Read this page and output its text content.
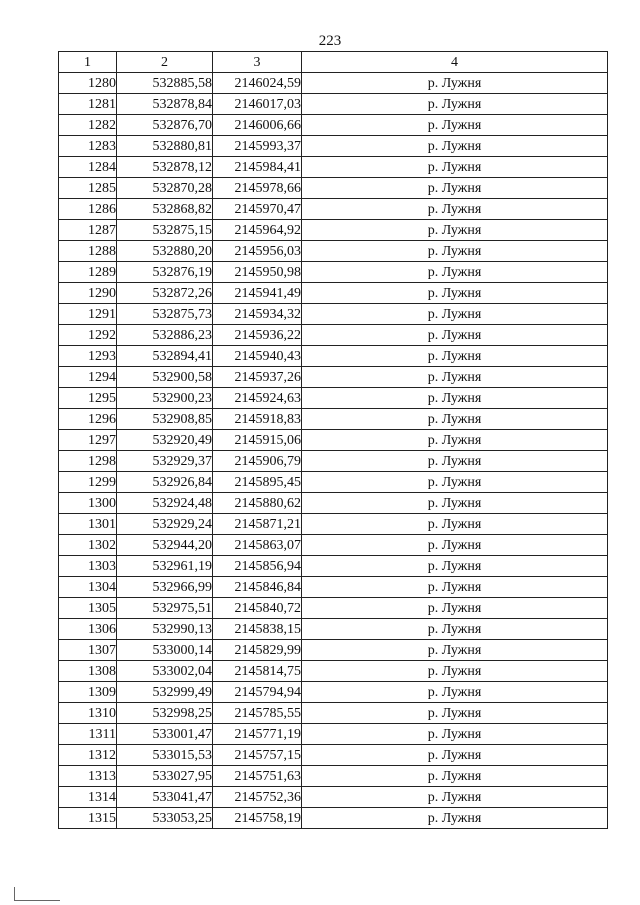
223
1	2	3	4
1280	532885,58	2146024,59	р. Лужня
1281	532878,84	2146017,03	р. Лужня
1282	532876,70	2146006,66	р. Лужня
1283	532880,81	2145993,37	р. Лужня
1284	532878,12	2145984,41	р. Лужня
1285	532870,28	2145978,66	р. Лужня
1286	532868,82	2145970,47	р. Лужня
1287	532875,15	2145964,92	р. Лужня
1288	532880,20	2145956,03	р. Лужня
1289	532876,19	2145950,98	р. Лужня
1290	532872,26	2145941,49	р. Лужня
1291	532875,73	2145934,32	р. Лужня
1292	532886,23	2145936,22	р. Лужня
1293	532894,41	2145940,43	р. Лужня
1294	532900,58	2145937,26	р. Лужня
1295	532900,23	2145924,63	р. Лужня
1296	532908,85	2145918,83	р. Лужня
1297	532920,49	2145915,06	р. Лужня
1298	532929,37	2145906,79	р. Лужня
1299	532926,84	2145895,45	р. Лужня
1300	532924,48	2145880,62	р. Лужня
1301	532929,24	2145871,21	р. Лужня
1302	532944,20	2145863,07	р. Лужня
1303	532961,19	2145856,94	р. Лужня
1304	532966,99	2145846,84	р. Лужня
1305	532975,51	2145840,72	р. Лужня
1306	532990,13	2145838,15	р. Лужня
1307	533000,14	2145829,99	р. Лужня
1308	533002,04	2145814,75	р. Лужня
1309	532999,49	2145794,94	р. Лужня
1310	532998,25	2145785,55	р. Лужня
1311	533001,47	2145771,19	р. Лужня
1312	533015,53	2145757,15	р. Лужня
1313	533027,95	2145751,63	р. Лужня
1314	533041,47	2145752,36	р. Лужня
1315	533053,25	2145758,19	р. Лужня
